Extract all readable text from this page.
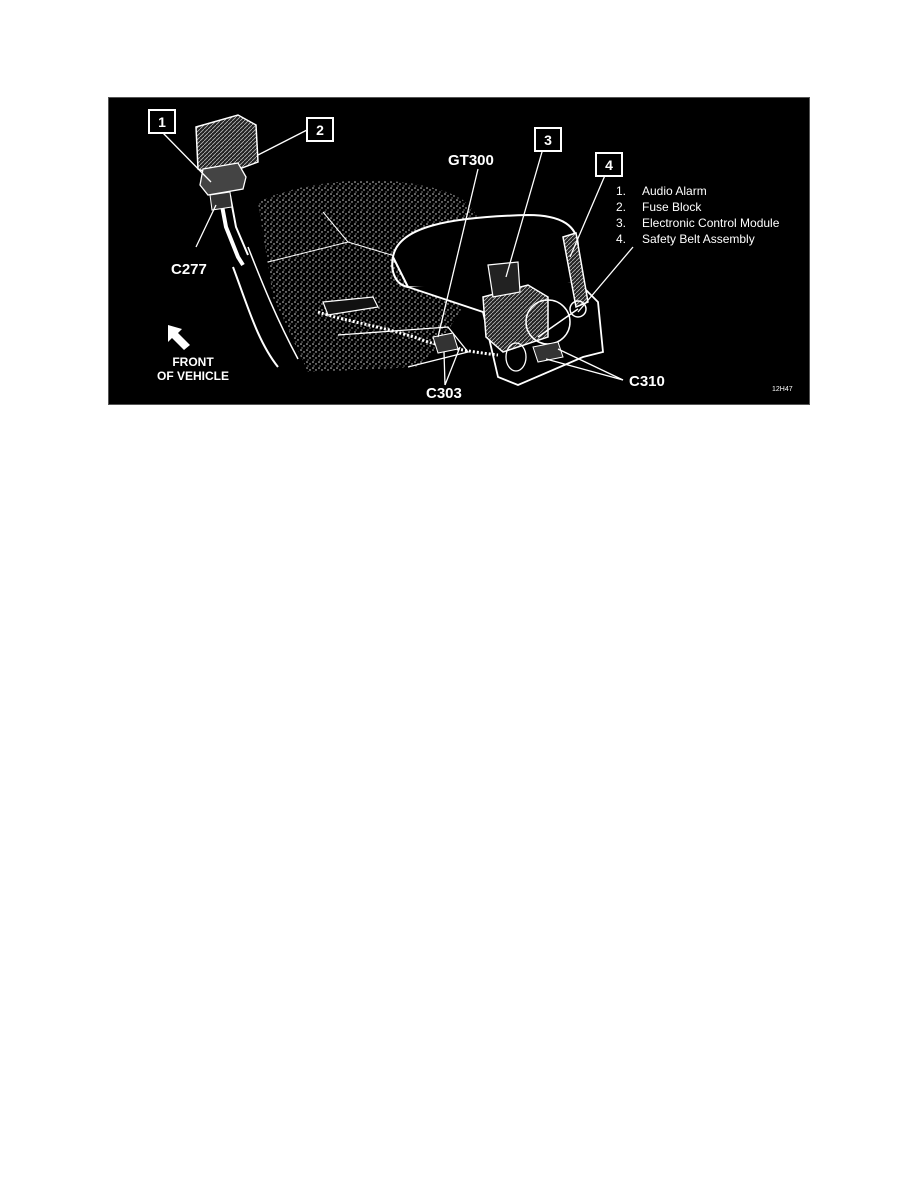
1	2
3
4
1. Audio Alarm
2. Fuse Block
3. Electronic Control Module
4. Safety Belt Assembly
C277
GT300
C303
C310
FRONT
OF VEHICLE
12H47
